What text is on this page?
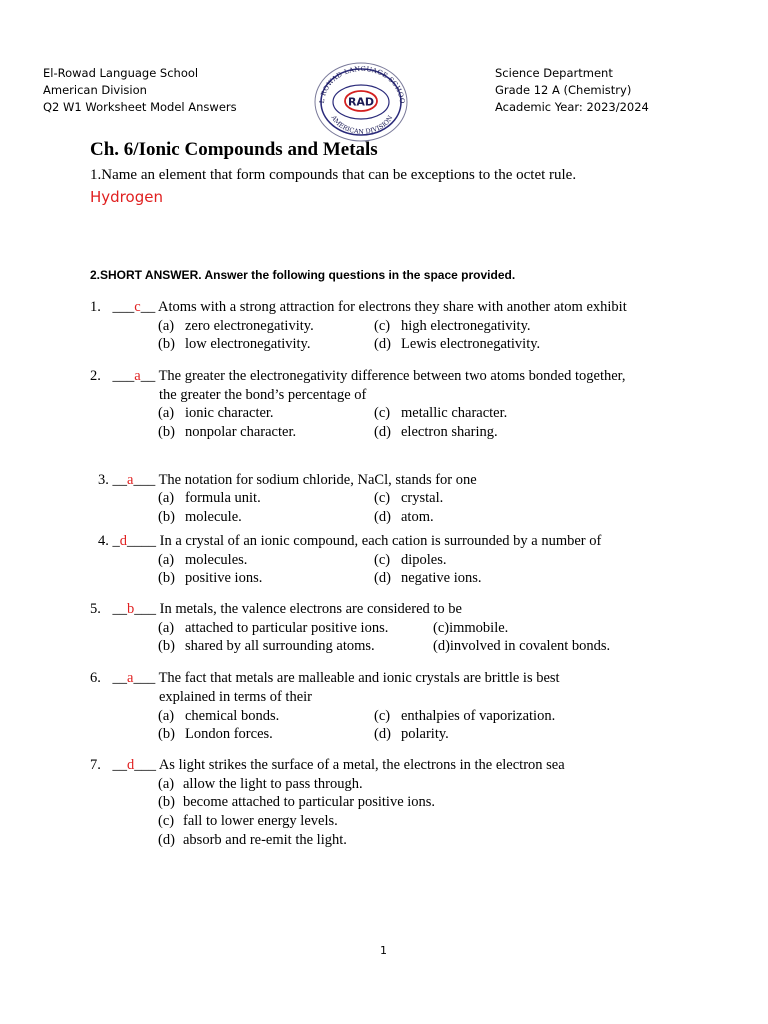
El-Rowad Language School
American Division
Q2 W1 Worksheet Model Answers	L ROWAD LANGUAGE SCHOO
RAD
AMERICAN DIVISION
Science Department
Grade 12 A (Chemistry)
Academic Year: 2023/2024
Ch. 6/Ionic Compounds and Metals
1.Name an element that form compounds that can be exceptions to the octet rule.
Hydrogen
2.SHORT ANSWER. Answer the following questions in the space provided.
1. ___c__ Atoms with a strong attraction for electrons they share with another atom exhibit
(a) zero electronegativity.	(c) high electronegativity.
(b) low electronegativity.	(d) Lewis electronegativity.
2. ___a__ The greater the electronegativity difference between two atoms bonded together,
the greater the bond’s percentage of
(a) ionic character.	(c) metallic character.
(b) nonpolar character.	(d) electron sharing.
3. __a___ The notation for sodium chloride, NaCl, stands for one
(a) formula unit.	(c) crystal.
(b) molecule.	(d) atom.
4. _d____ In a crystal of an ionic compound, each cation is surrounded by a number of
(a) molecules.	(c) dipoles.
(b) positive ions.	(d) negative ions.
5. __b___ In metals, the valence electrons are considered to be
(a) attached to particular positive ions.	(c)immobile.
(b) shared by all surrounding atoms.	(d)involved in covalent bonds.
6. __a___ The fact that metals are malleable and ionic crystals are brittle is best
explained in terms of their
(a) chemical bonds.	(c) enthalpies of vaporization.
(b) London forces.	(d) polarity.
7. __d___ As light strikes the surface of a metal, the electrons in the electron sea
(a) allow the light to pass through.
(b) become attached to particular positive ions.
(c) fall to lower energy levels.
(d) absorb and re-emit the light.
1
